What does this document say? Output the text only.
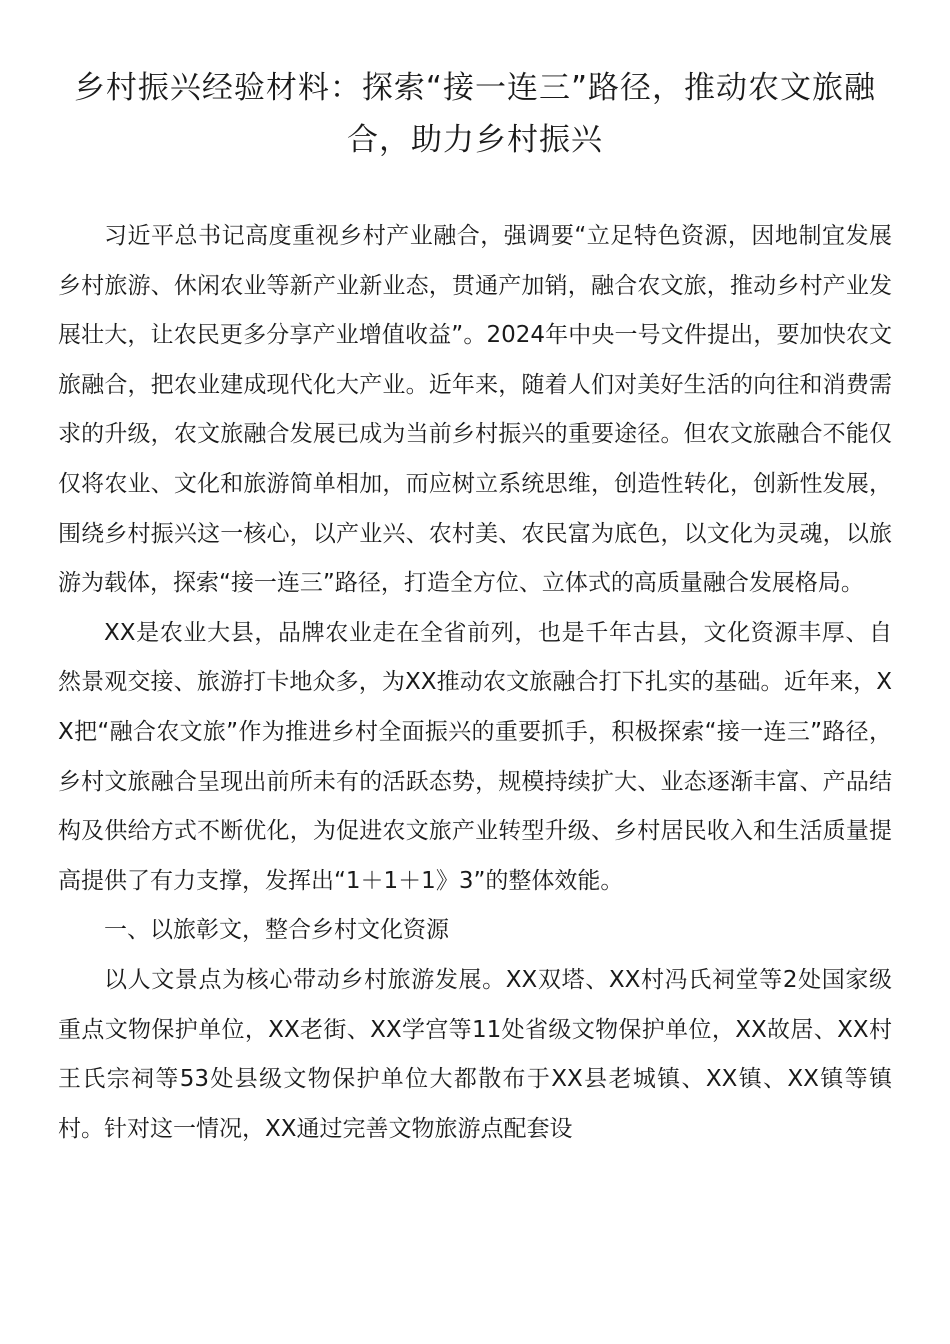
乡村振兴经验材料：探索“接一连三”路径，推动农文旅融合，助力乡村振兴

习近平总书记高度重视乡村产业融合，强调要“立足特色资源，因地制宜发展乡村旅游、休闲农业等新产业新业态，贯通产加销，融合农文旅，推动乡村产业发展壮大，让农民更多分享产业增值收益”。2024年中央一号文件提出，要加快农文旅融合，把农业建成现代化大产业。近年来，随着人们对美好生活的向往和消费需求的升级，农文旅融合发展已成为当前乡村振兴的重要途径。但农文旅融合不能仅仅将农业、文化和旅游简单相加，而应树立系统思维，创造性转化，创新性发展，围绕乡村振兴这一核心，以产业兴、农村美、农民富为底色，以文化为灵魂，以旅游为载体，探索“接一连三”路径，打造全方位、立体式的高质量融合发展格局。

XX是农业大县，品牌农业走在全省前列，也是千年古县，文化资源丰厚、自然景观交接、旅游打卡地众多，为XX推动农文旅融合打下扎实的基础。近年来，XX把“融合农文旅”作为推进乡村全面振兴的重要抓手，积极探索“接一连三”路径，乡村文旅融合呈现出前所未有的活跃态势，规模持续扩大、业态逐渐丰富、产品结构及供给方式不断优化，为促进农文旅产业转型升级、乡村居民收入和生活质量提高提供了有力支撑，发挥出“1＋1＋1》3”的整体效能。

一、以旅彰文，整合乡村文化资源

以人文景点为核心带动乡村旅游发展。XX双塔、XX村冯氏祠堂等2处国家级重点文物保护单位，XX老街、XX学宫等11处省级文物保护单位，XX故居、XX村王氏宗祠等53处县级文物保护单位大都散布于XX县老城镇、XX镇、XX镇等镇村。针对这一情况，XX通过完善文物旅游点配套设
